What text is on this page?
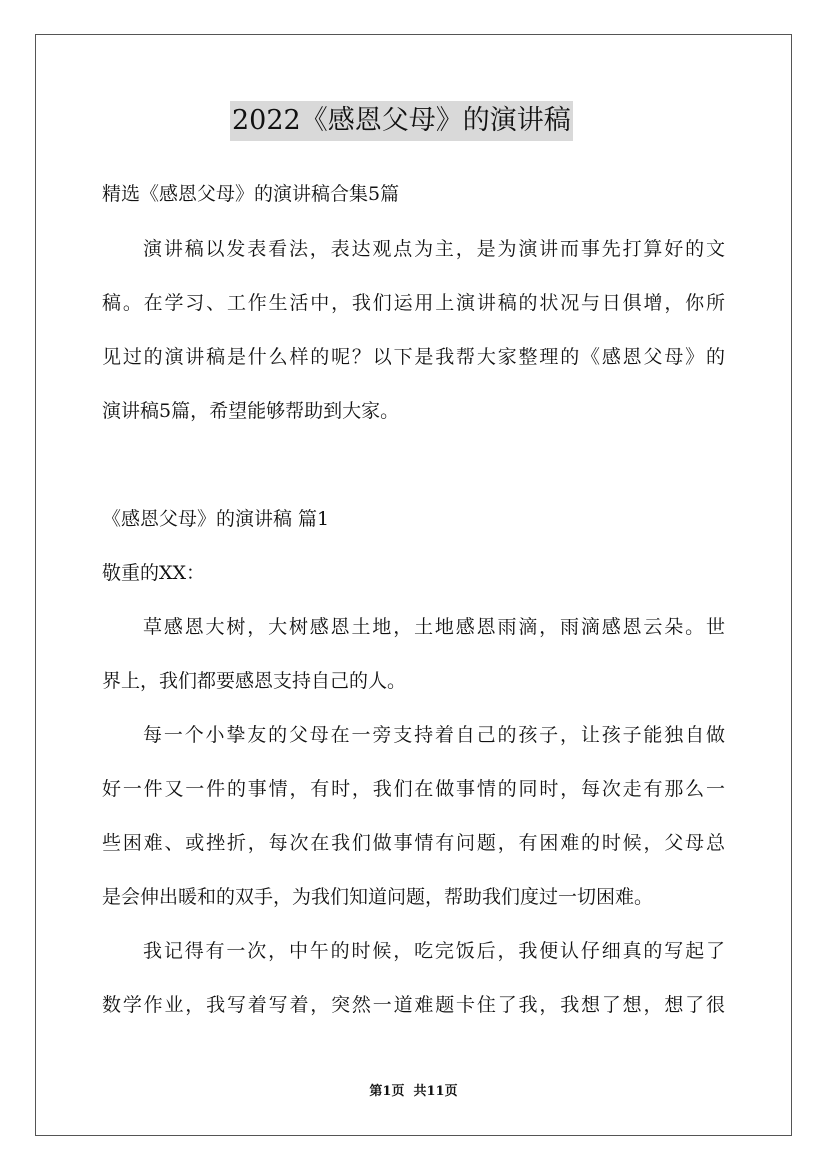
2022《感恩父母》的演讲稿
精选《感恩父母》的演讲稿合集5篇
演讲稿以发表看法，表达观点为主，是为演讲而事先打算好的文
稿。在学习、工作生活中，我们运用上演讲稿的状况与日俱增，你所
见过的演讲稿是什么样的呢？以下是我帮大家整理的《感恩父母》的
演讲稿5篇，希望能够帮助到大家。
《感恩父母》的演讲稿 篇1
敬重的XX：
草感恩大树，大树感恩土地，土地感恩雨滴，雨滴感恩云朵。世
界上，我们都要感恩支持自己的人。
每一个小挚友的父母在一旁支持着自己的孩子，让孩子能独自做
好一件又一件的事情，有时，我们在做事情的同时，每次走有那么一
些困难、或挫折，每次在我们做事情有问题，有困难的时候，父母总
是会伸出暖和的双手，为我们知道问题，帮助我们度过一切困难。
我记得有一次，中午的时候，吃完饭后，我便认仔细真的写起了
数学作业，我写着写着，突然一道难题卡住了我，我想了想，想了很
第1页  共11页
